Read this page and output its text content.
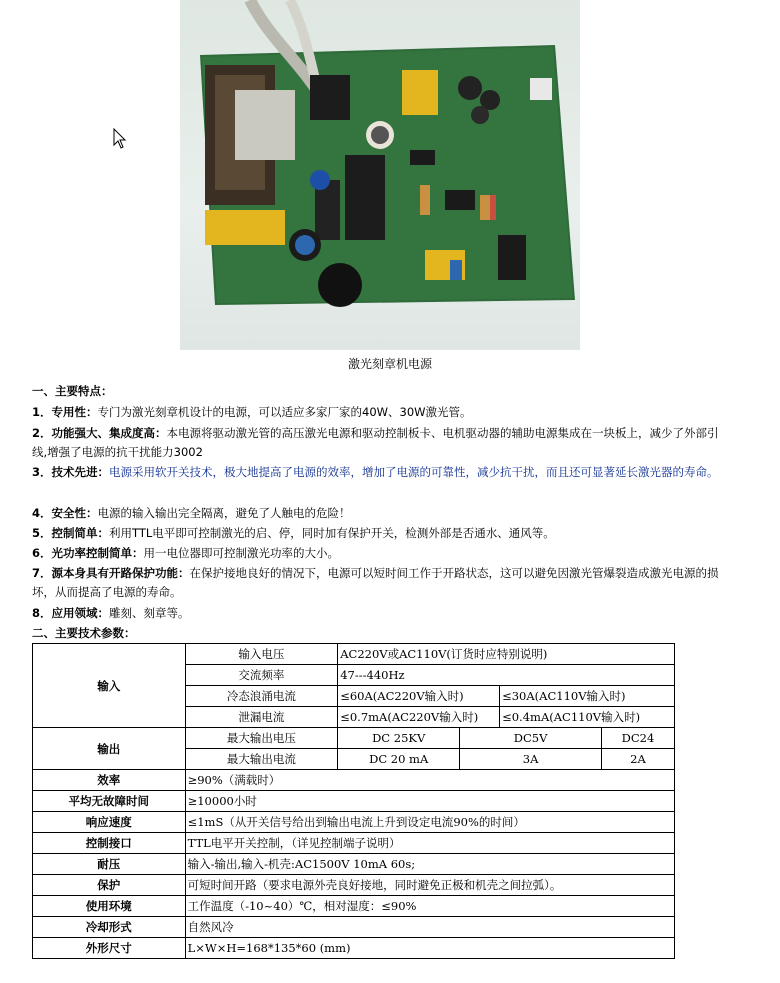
激光刻章机电源
一、主要特点：
1．专用性：专门为激光刻章机设计的电源，可以适应多家厂家的40W、30W激光管。
2．功能强大、集成度高：本电源将驱动激光管的高压激光电源和驱动控制板卡、电机驱动器的辅助电源集成在一块板上，减少了外部引线,增强了电源的抗干扰能力3002
3．技术先进：电源采用软开关技术，极大地提高了电源的效率，增加了电源的可靠性，减少抗干扰，而且还可显著延长激光器的寿命。
4．安全性：电源的输入输出完全隔离，避免了人触电的危险！
5．控制简单：利用TTL电平即可控制激光的启、停，同时加有保护开关，检测外部是否通水、通风等。
6．光功率控制简单：用一电位器即可控制激光功率的大小。
7．源本身具有开路保护功能：在保护接地良好的情况下，电源可以短时间工作于开路状态，这可以避免因激光管爆裂造成激光电源的损坏，从而提高了电源的寿命。
8．应用领域：雕刻、刻章等。
二、主要技术参数：
输入	输入电压	AC220V或AC110V(订货时应特别说明)			
	交流频率	47---440Hz			
	冷态浪涌电流	≤60A(AC220V输入时)		≤30A(AC110V输入时)	
	泄漏电流	≤0.7mA(AC220V输入时)		≤0.4mA(AC110V输入时)	
输出	最大输出电压	DC 25KV	DC5V		DC24
	最大输出电流	DC 20 mA	3A		2A
效率	≥90%（满载时）				
平均无故障时间	≥10000小时				
响应速度	≤1mS（从开关信号给出到输出电流上升到设定电流90%的时间）				
控制接口	TTL电平开关控制，（详见控制端子说明）				
耐压	输入-输出,输入-机壳:AC1500V 10mA 60s;				
保护	可短时间开路（要求电源外壳良好接地，同时避免正极和机壳之间拉弧）。				
使用环境	工作温度（-10~40）℃，相对湿度：≤90%				
冷却形式	自然风冷				
外形尺寸	L×W×H=168*135*60 (mm)				
